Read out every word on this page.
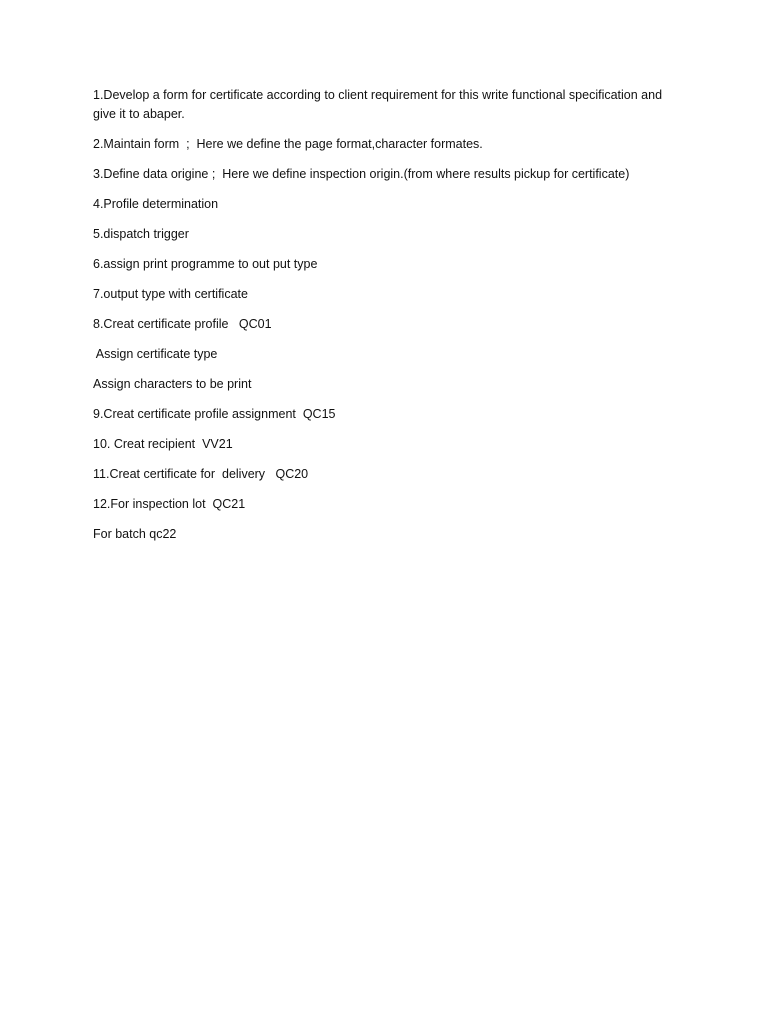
1.Develop a form for certificate according to client requirement for this write functional specification and give it to abaper.

2.Maintain form  ;  Here we define the page format,character formates.

3.Define data origine ;  Here we define inspection origin.(from where results pickup for certificate)

4.Profile determination

5.dispatch trigger

6.assign print programme to out put type

7.output type with certificate

8.Creat certificate profile   QC01

Assign certificate type

Assign characters to be print

9.Creat certificate profile assignment  QC15

10. Creat recipient  VV21

11.Creat certificate for  delivery   QC20

12.For inspection lot  QC21

For batch qc22
